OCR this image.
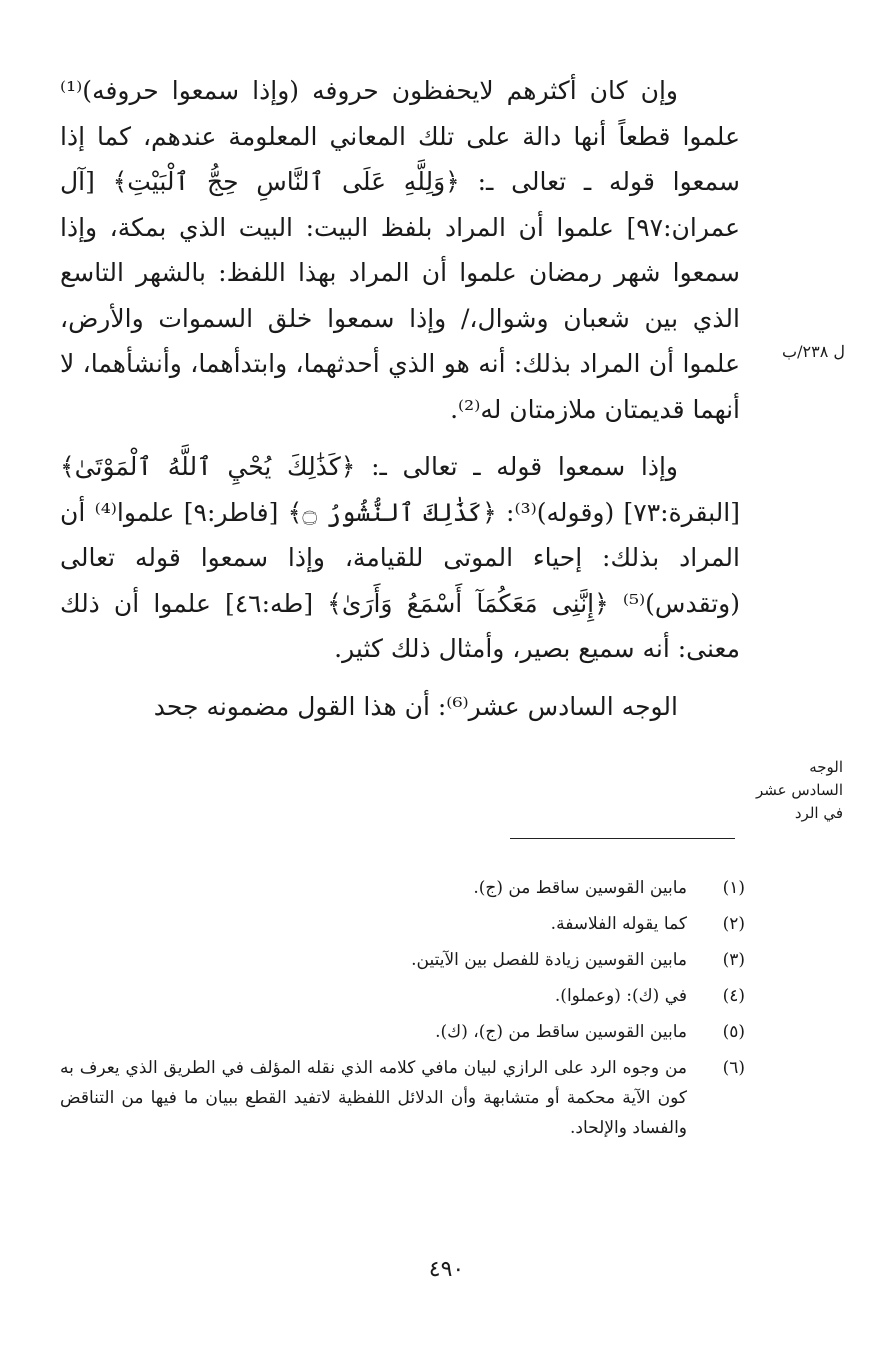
وإن كان أكثرهم لايحفظون حروفه (وإذا سمعوا حروفه)⁽¹⁾ علموا قطعاً أنها دالة على تلك المعاني المعلومة عندهم، كما إذا سمعوا قوله ـ تعالى ـ: ﴿وَلِلَّهِ عَلَى ٱلنَّاسِ حِجُّ ٱلْبَيْتِ﴾ [آل عمران:٩٧] علموا أن المراد بلفظ البيت: البيت الذي بمكة، وإذا سمعوا شهر رمضان علموا أن المراد بهذا اللفظ: بالشهر التاسع الذي بين شعبان وشوال،/ وإذا سمعوا خلق السموات والأرض، علموا أن المراد بذلك: أنه هو الذي أحدثهما، وابتدأهما، وأنشأهما، لا أنهما قديمتان ملازمتان له⁽²⁾.

وإذا سمعوا قوله ـ تعالى ـ: ﴿كَذَٰلِكَ يُحْيِ ٱللَّهُ ٱلْمَوْتَىٰ﴾ [البقرة:٧٣] (وقوله)⁽³⁾: ﴿كَذَٰلِكَ ٱلنُّشُورُ ۝﴾ [فاطر:٩] علموا⁽⁴⁾ أن المراد بذلك: إحياء الموتى للقيامة، وإذا سمعوا قوله تعالى (وتقدس)⁽⁵⁾ ﴿إِنَّنِى مَعَكُمَآ أَسْمَعُ وَأَرَىٰ﴾ [طه:٤٦] علموا أن ذلك معنى: أنه سميع بصير، وأمثال ذلك كثير.

الوجه السادس عشر⁽⁶⁾: أن هذا القول مضمونه جحد

ل ٢٣٨/ب
الوجه السادس عشر في الرد
(١)
مابين القوسين ساقط من (ج).
(٢)
كما يقوله الفلاسفة.
(٣)
مابين القوسين زيادة للفصل بين الآيتين.
(٤)
في (ك): (وعملوا).
(٥)
مابين القوسين ساقط من (ج)، (ك).
(٦)
من وجوه الرد على الرازي لبيان مافي كلامه الذي نقله المؤلف في الطريق الذي يعرف به كون الآية محكمة أو متشابهة وأن الدلائل اللفظية لاتفيد القطع ببيان ما فيها من التناقض والفساد والإلحاد.
٤٩٠
